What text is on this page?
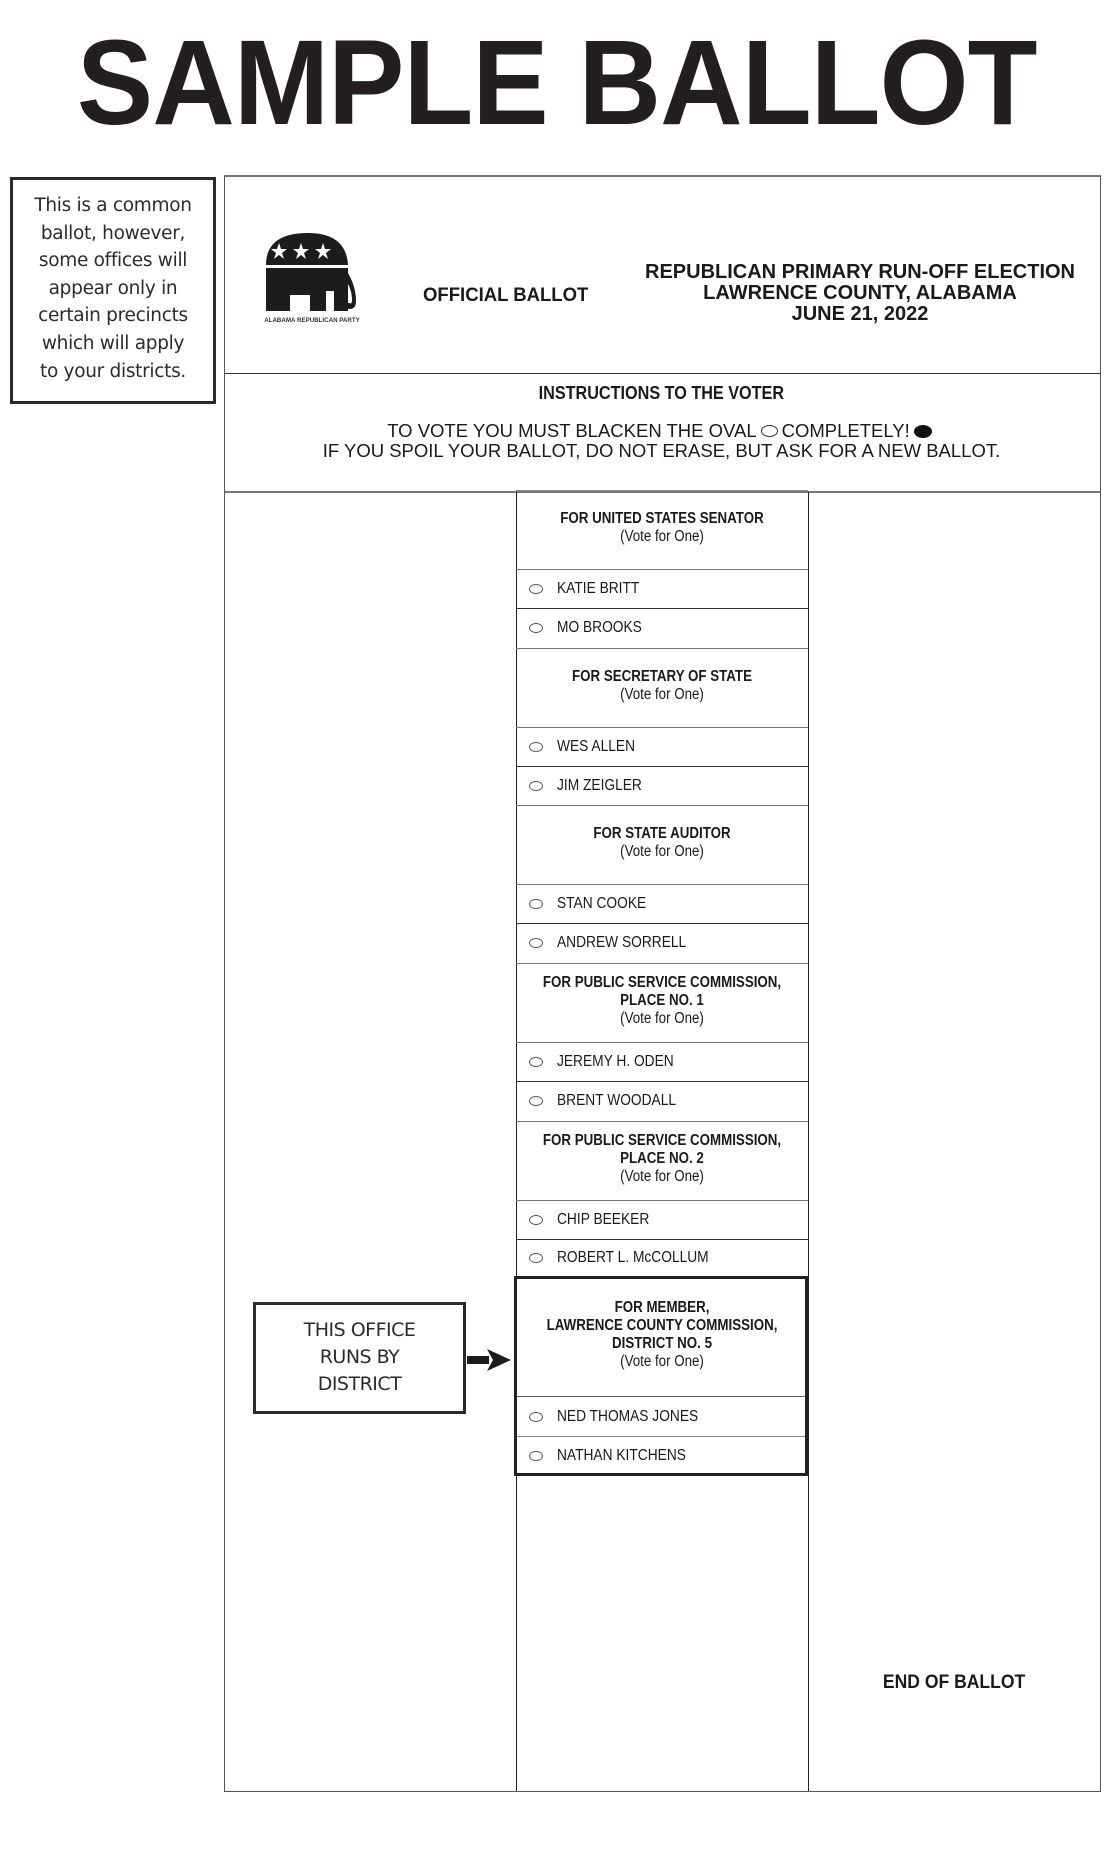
SAMPLE BALLOT
This is a common
ballot, however,
some offices will
appear only in
certain precincts
which will apply
to your districts.
ALABAMA REPUBLICAN PARTY
OFFICIAL BALLOT
REPUBLICAN PRIMARY RUN-OFF ELECTION
LAWRENCE COUNTY, ALABAMA
JUNE 21, 2022
INSTRUCTIONS TO THE VOTER
TO VOTE YOU MUST BLACKEN THE OVAL COMPLETELY!
IF YOU SPOIL YOUR BALLOT, DO NOT ERASE, BUT ASK FOR A NEW BALLOT.
FOR UNITED STATES SENATOR
(Vote for One)
KATIE BRITT
MO BROOKS
FOR SECRETARY OF STATE
(Vote for One)
WES ALLEN
JIM ZEIGLER
FOR STATE AUDITOR
(Vote for One)
STAN COOKE
ANDREW SORRELL
FOR PUBLIC SERVICE COMMISSION,
PLACE NO. 1
(Vote for One)
JEREMY H. ODEN
BRENT WOODALL
FOR PUBLIC SERVICE COMMISSION,
PLACE NO. 2
(Vote for One)
CHIP BEEKER
ROBERT L. McCOLLUM
FOR MEMBER,
LAWRENCE COUNTY COMMISSION,
DISTRICT NO. 5
(Vote for One)
NED THOMAS JONES
NATHAN KITCHENS
THIS OFFICE
RUNS BY
DISTRICT
END OF BALLOT
